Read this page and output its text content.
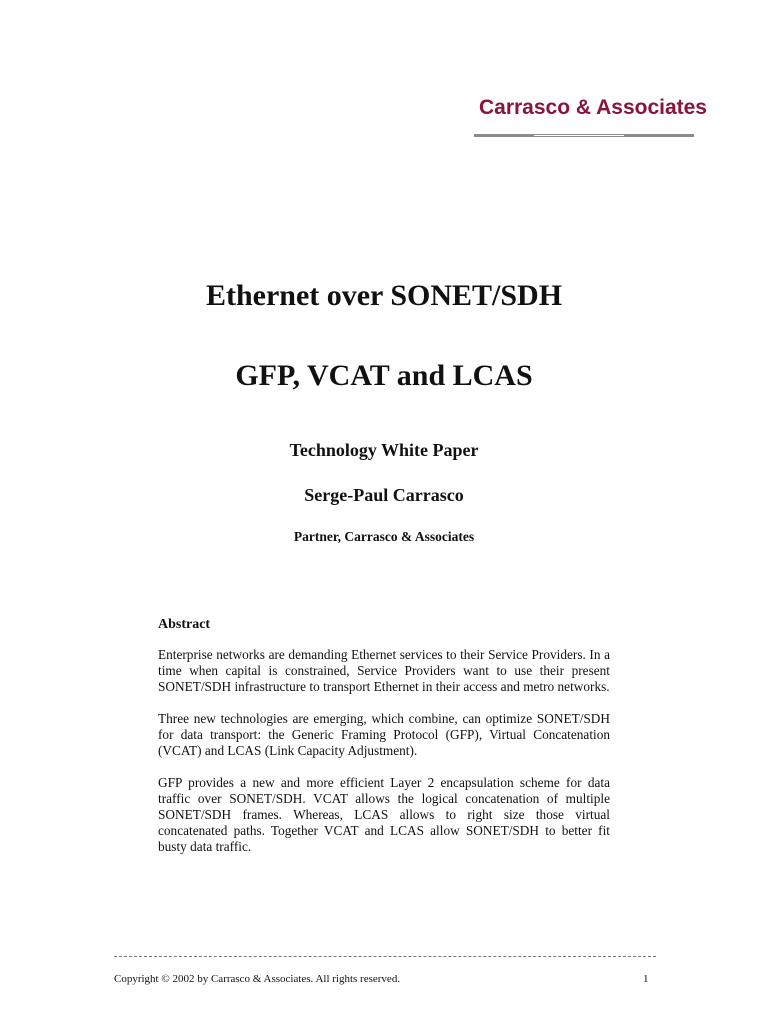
Carrasco & Associates
Ethernet over SONET/SDH
GFP, VCAT and LCAS
Technology White Paper
Serge-Paul Carrasco
Partner, Carrasco & Associates
Abstract

Enterprise networks are demanding Ethernet services to their Service Providers. In a time when capital is constrained, Service Providers want to use their present SONET/SDH infrastructure to transport Ethernet in their access and metro networks.

Three new technologies are emerging, which combine, can optimize SONET/SDH for data transport: the Generic Framing Protocol (GFP), Virtual Concatenation (VCAT) and LCAS (Link Capacity Adjustment).

GFP provides a new and more efficient Layer 2 encapsulation scheme for data traffic over SONET/SDH. VCAT allows the logical concatenation of multiple SONET/SDH frames. Whereas, LCAS allows to right size those virtual concatenated paths. Together VCAT and LCAS allow SONET/SDH to better fit busty data traffic.

Copyright © 2002 by Carrasco & Associates. All rights reserved.	1
